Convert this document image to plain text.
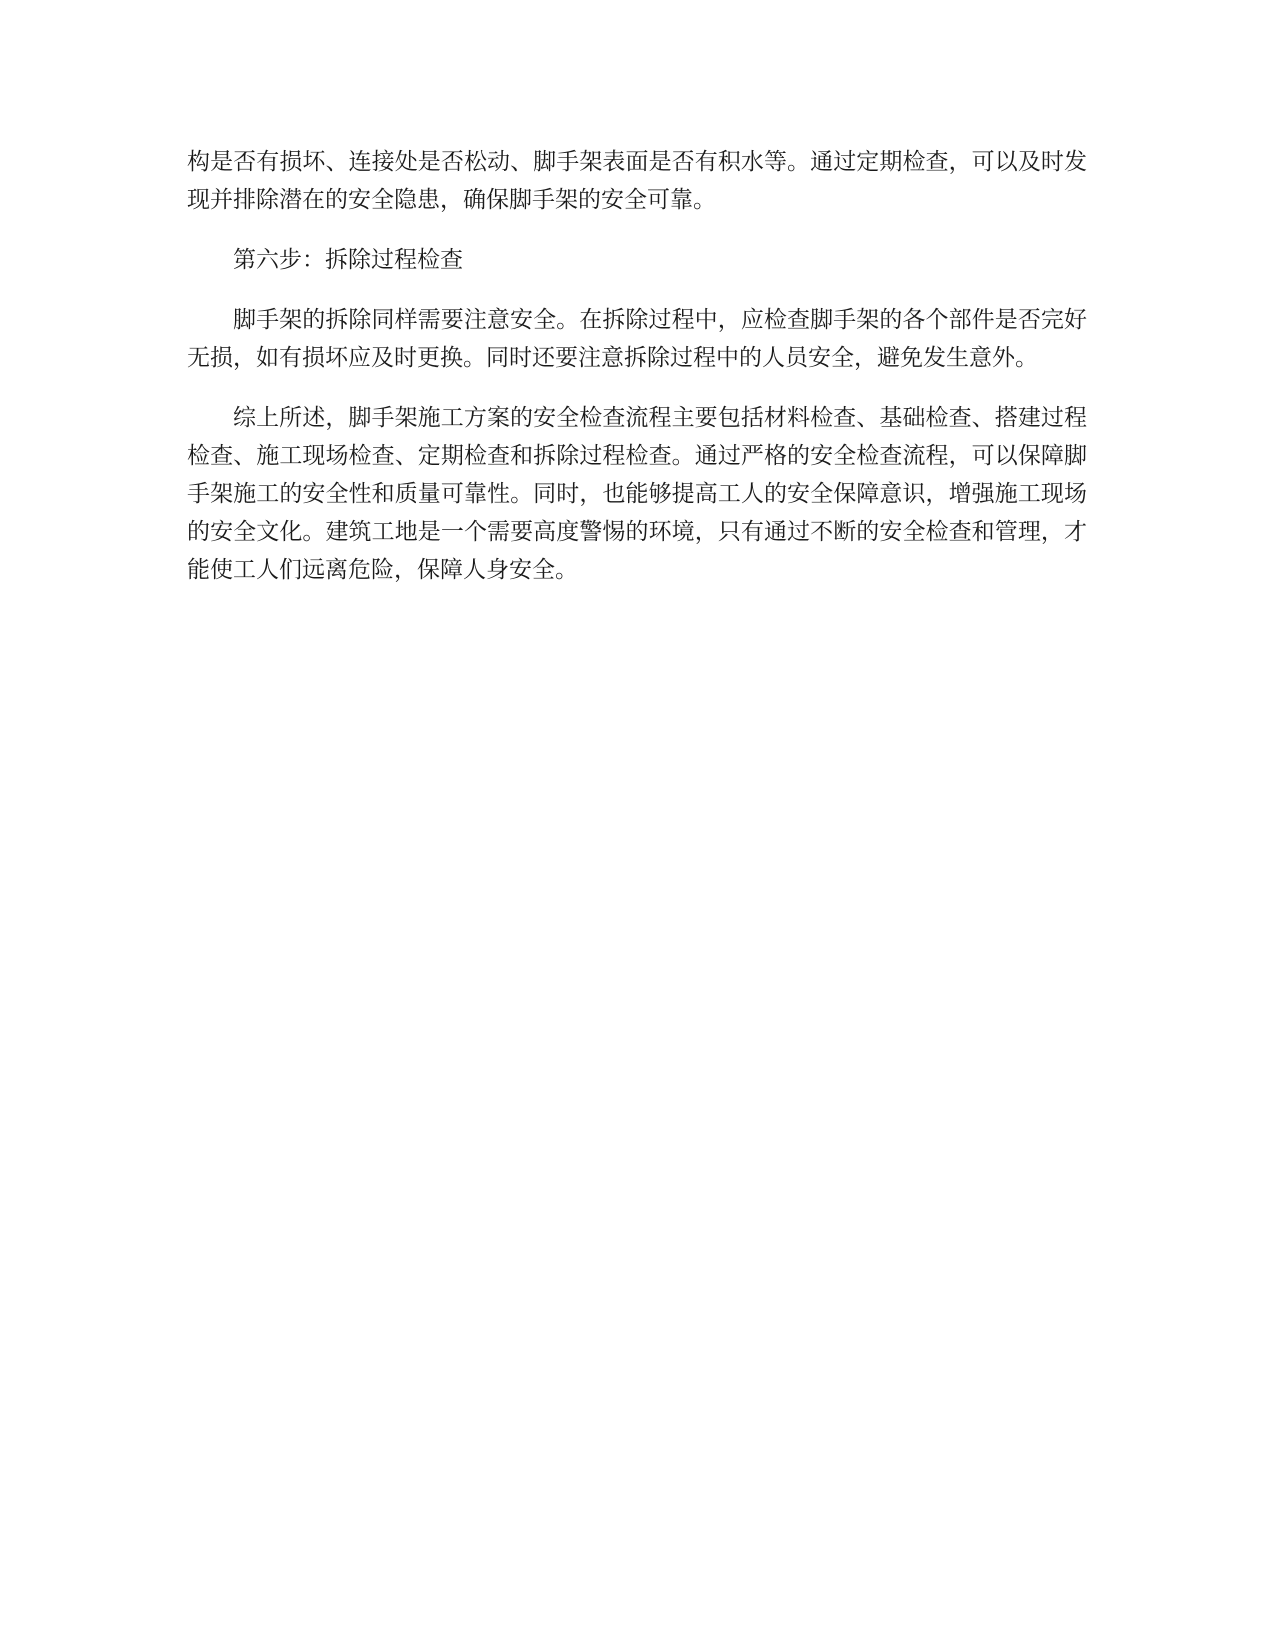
构是否有损坏、连接处是否松动、脚手架表面是否有积水等。通过定期检查，可以及时发现并排除潜在的安全隐患，确保脚手架的安全可靠。

第六步：拆除过程检查

脚手架的拆除同样需要注意安全。在拆除过程中，应检查脚手架的各个部件是否完好无损，如有损坏应及时更换。同时还要注意拆除过程中的人员安全，避免发生意外。

综上所述，脚手架施工方案的安全检查流程主要包括材料检查、基础检查、搭建过程检查、施工现场检查、定期检查和拆除过程检查。通过严格的安全检查流程，可以保障脚手架施工的安全性和质量可靠性。同时，也能够提高工人的安全保障意识，增强施工现场的安全文化。建筑工地是一个需要高度警惕的环境，只有通过不断的安全检查和管理，才能使工人们远离危险，保障人身安全。
